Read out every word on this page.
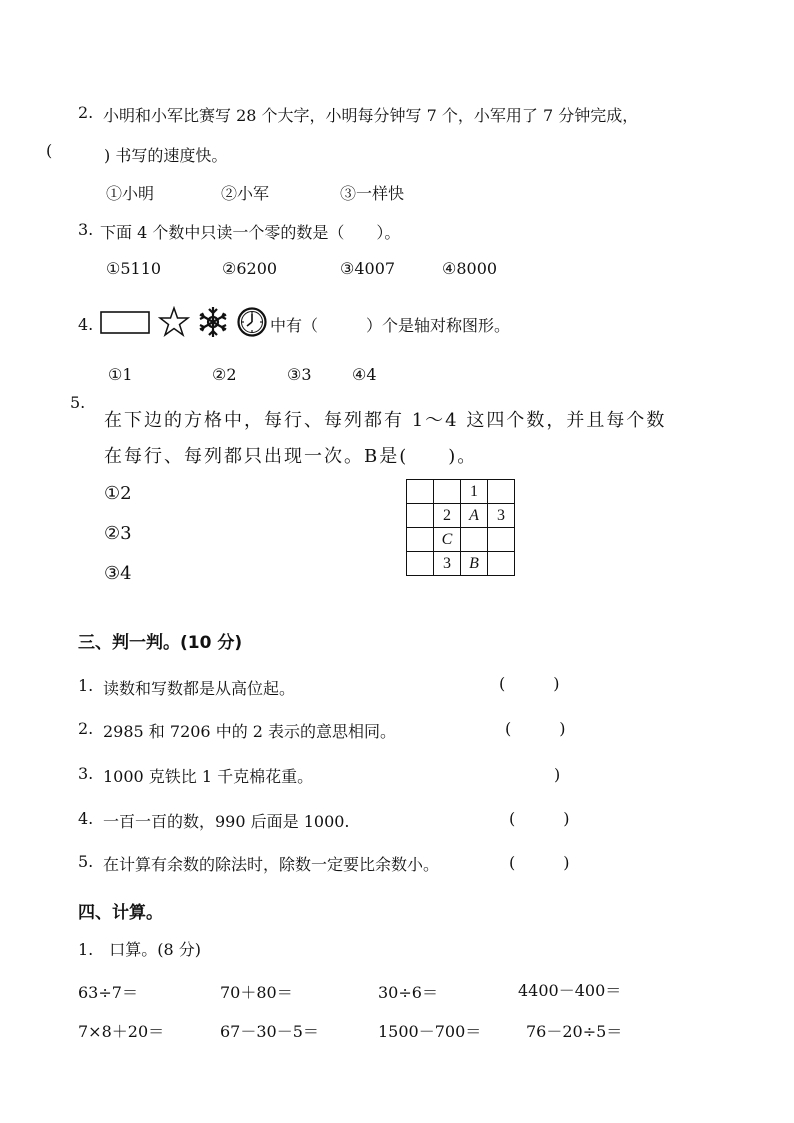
2. 小明和小军比赛写 28 个大字，小明每分钟写 7 个，小军用了 7 分钟完成，
(	) 书写的速度快。
①小明	②小军	③一样快
3. 下面 4 个数中只读一个零的数是（　　）。
①5110	②6200	③4007	④8000
4.	中有（　　　）个是轴对称图形。
①1	②2	③3	④4
5.
在下边的方格中，每行、每列都有 1～4 这四个数，并且每个数
在每行、每列都只出现一次。B是(　　)。
①2
②3
③4
		1	
	2	A	3
	C		
	3	B	
三、判一判。(10 分)
1. 读数和写数都是从高位起。	(　　　)
2. 2985 和 7206 中的 2 表示的意思相同。	(　　　)
3. 1000 克铁比 1 千克棉花重。	　　　)
4. 一百一百的数，990 后面是 1000.	(　　　)
5. 在计算有余数的除法时，除数一定要比余数小。	(　　　)
四、计算。
1.　口算。(8 分)
63÷7＝	70＋80＝	30÷6＝	4400－400＝
7×8＋20＝	67－30－5＝	1500－700＝	76－20÷5＝
